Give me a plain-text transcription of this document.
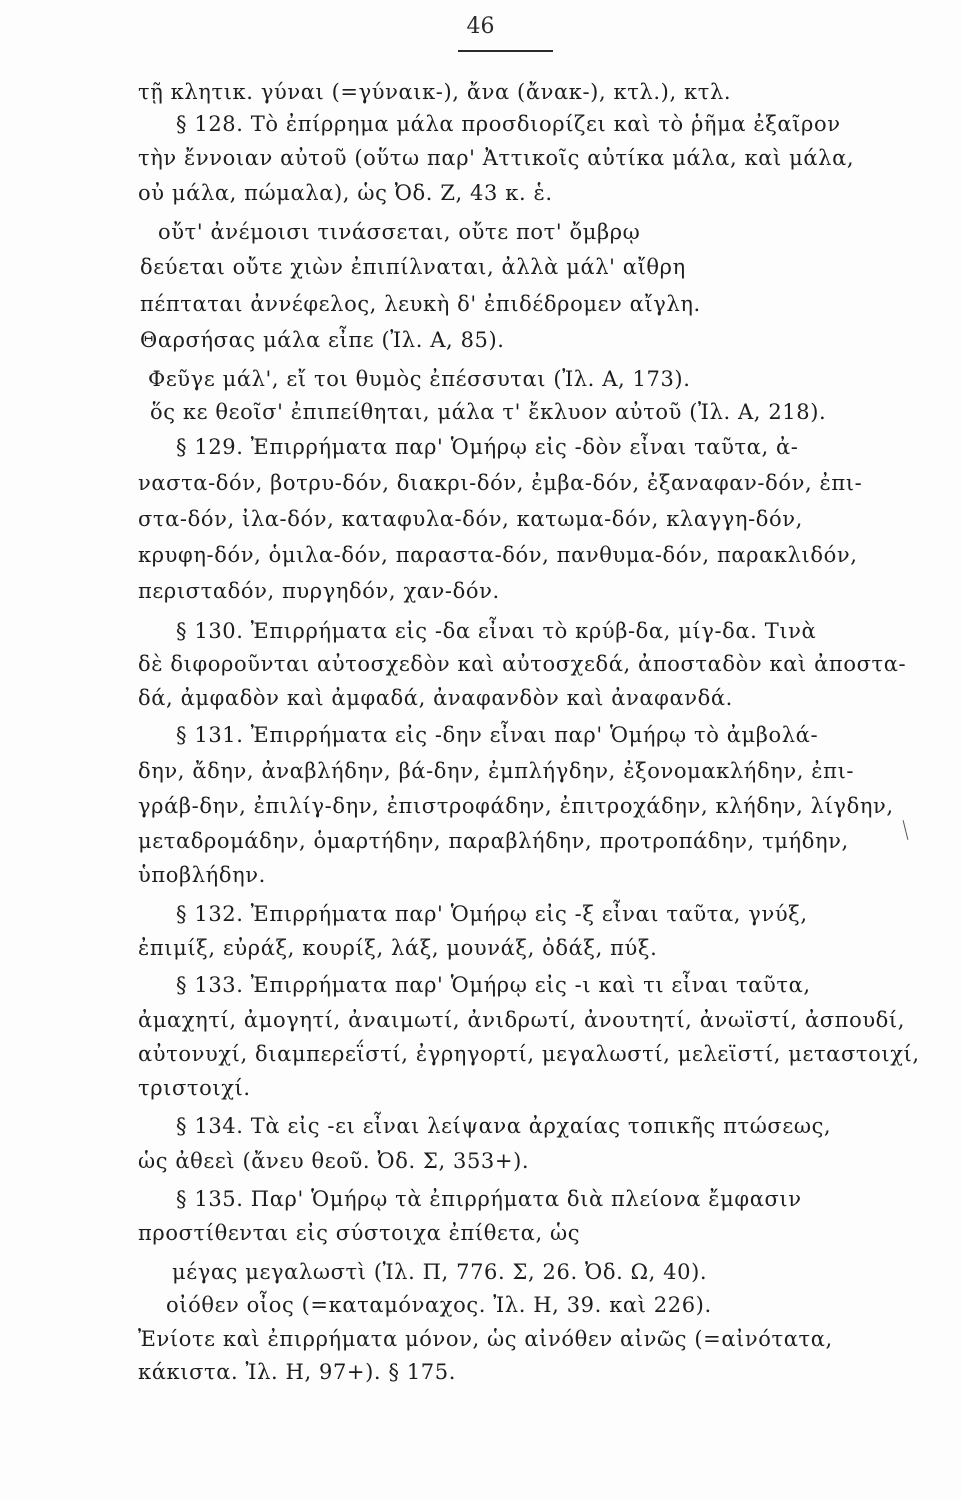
46
τῇ κλητικ. γύναι (=γύναικ-), ἄνα (ἄνακ-), κτλ.), κτλ.
§ 128. Τὸ ἐπίρρημα μάλα προσδιορίζει καὶ τὸ ῥῆμα ἐξαῖρον
τὴν ἔννοιαν αὐτοῦ (οὕτω παρ' Ἀττικοῖς αὐτίκα μάλα, καὶ μάλα,
οὐ μάλα, πώμαλα), ὡς Ὀδ. Ζ, 43 κ. ἑ.
οὔτ' ἀνέμοισι τινάσσεται, οὔτε ποτ' ὄμβρῳ
δεύεται οὔτε χιὼν ἐπιπίλναται, ἀλλὰ μάλ' αἴθρη
πέπταται ἀννέφελος, λευκὴ δ' ἐπιδέδρομεν αἴγλη.
Θαρσήσας μάλα εἶπε (Ἰλ. Α, 85).
Φεῦγε μάλ', εἴ τοι θυμὸς ἐπέσσυται (Ἰλ. Α, 173).
ὅς κε θεοῖσ' ἐπιπείθηται, μάλα τ' ἔκλυον αὐτοῦ (Ἰλ. Α, 218).
§ 129. Ἐπιρρήματα παρ' Ὁμήρῳ εἰς -δὸν εἶναι ταῦτα, ἀ-
ναστα-δόν, βοτρυ-δόν, διακρι-δόν, ἐμβα-δόν, ἐξαναφαν-δόν, ἐπι-
στα-δόν, ἰλα-δόν, καταφυλα-δόν, κατωμα-δόν, κλαγγη-δόν,
κρυφη-δόν, ὁμιλα-δόν, παραστα-δόν, πανθυμα-δόν, παρακλιδόν,
περισταδόν, πυργηδόν, χαν-δόν.
§ 130. Ἐπιρρήματα εἰς -δα εἶναι τὸ κρύβ-δα, μίγ-δα. Τινὰ
δὲ διφοροῦνται αὐτοσχεδὸν καὶ αὐτοσχεδά, ἀποσταδὸν καὶ ἀποστα-
δά, ἀμφαδὸν καὶ ἀμφαδά, ἀναφανδὸν καὶ ἀναφανδά.
§ 131. Ἐπιρρήματα εἰς -δην εἶναι παρ' Ὁμήρῳ τὸ ἀμβολά-
δην, ἄδην, ἀναβλήδην, βά-δην, ἐμπλήγδην, ἐξονομακλήδην, ἐπι-
γράβ-δην, ἐπιλίγ-δην, ἐπιστροφάδην, ἐπιτροχάδην, κλήδην, λίγδην,
μεταδρομάδην, ὁμαρτήδην, παραβλήδην, προτροπάδην, τμήδην,
ὑποβλήδην.
§ 132. Ἐπιρρήματα παρ' Ὁμήρῳ εἰς -ξ εἶναι ταῦτα, γνύξ,
ἐπιμίξ, εὐράξ, κουρίξ, λάξ, μουνάξ, ὀδάξ, πύξ.
§ 133. Ἐπιρρήματα παρ' Ὁμήρῳ εἰς -ι καὶ τι εἶναι ταῦτα,
ἀμαχητί, ἀμογητί, ἀναιμωτί, ἀνιδρωτί, ἀνουτητί, ἀνωϊστί, ἀσπουδί,
αὐτονυχί, διαμπερεΐστί, ἐγρηγορτί, μεγαλωστί, μελεϊστί, μεταστοιχί,
τριστοιχί.
§ 134. Τὰ εἰς -ει εἶναι λείψανα ἀρχαίας τοπικῆς πτώσεως,
ὡς ἀθεεὶ (ἄνευ θεοῦ. Ὀδ. Σ, 353+).
§ 135. Παρ' Ὁμήρῳ τὰ ἐπιρρήματα διὰ πλείονα ἔμφασιν
προστίθενται εἰς σύστοιχα ἐπίθετα, ὡς
μέγας μεγαλωστὶ (Ἰλ. Π, 776. Σ, 26. Ὀδ. Ω, 40).
οἰόθεν οἶος (=καταμόναχος. Ἰλ. Η, 39. καὶ 226).
Ἐνίοτε καὶ ἐπιρρήματα μόνον, ὡς αἰνόθεν αἰνῶς (=αἰνότατα,
κάκιστα. Ἰλ. Η, 97+). § 175.
